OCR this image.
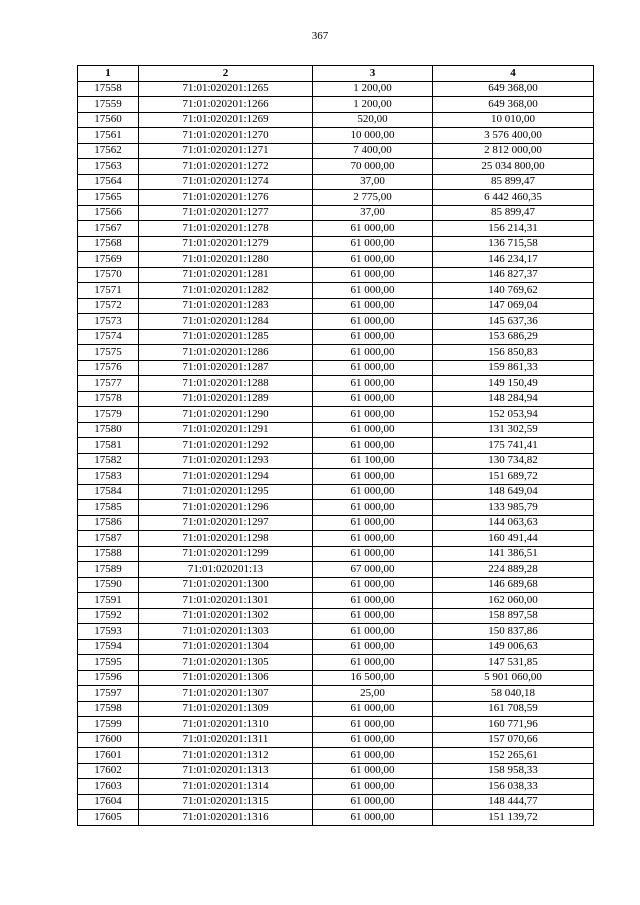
367
1	2	3	4
17558	71:01:020201:1265	1 200,00	649 368,00
17559	71:01:020201:1266	1 200,00	649 368,00
17560	71:01:020201:1269	520,00	10 010,00
17561	71:01:020201:1270	10 000,00	3 576 400,00
17562	71:01:020201:1271	7 400,00	2 812 000,00
17563	71:01:020201:1272	70 000,00	25 034 800,00
17564	71:01:020201:1274	37,00	85 899,47
17565	71:01:020201:1276	2 775,00	6 442 460,35
17566	71:01:020201:1277	37,00	85 899,47
17567	71:01:020201:1278	61 000,00	156 214,31
17568	71:01:020201:1279	61 000,00	136 715,58
17569	71:01:020201:1280	61 000,00	146 234,17
17570	71:01:020201:1281	61 000,00	146 827,37
17571	71:01:020201:1282	61 000,00	140 769,62
17572	71:01:020201:1283	61 000,00	147 069,04
17573	71:01:020201:1284	61 000,00	145 637,36
17574	71:01:020201:1285	61 000,00	153 686,29
17575	71:01:020201:1286	61 000,00	156 850,83
17576	71:01:020201:1287	61 000,00	159 861,33
17577	71:01:020201:1288	61 000,00	149 150,49
17578	71:01:020201:1289	61 000,00	148 284,94
17579	71:01:020201:1290	61 000,00	152 053,94
17580	71:01:020201:1291	61 000,00	131 302,59
17581	71:01:020201:1292	61 000,00	175 741,41
17582	71:01:020201:1293	61 100,00	130 734,82
17583	71:01:020201:1294	61 000,00	151 689,72
17584	71:01:020201:1295	61 000,00	148 649,04
17585	71:01:020201:1296	61 000,00	133 985,79
17586	71:01:020201:1297	61 000,00	144 063,63
17587	71:01:020201:1298	61 000,00	160 491,44
17588	71:01:020201:1299	61 000,00	141 386,51
17589	71:01:020201:13	67 000,00	224 889,28
17590	71:01:020201:1300	61 000,00	146 689,68
17591	71:01:020201:1301	61 000,00	162 060,00
17592	71:01:020201:1302	61 000,00	158 897,58
17593	71:01:020201:1303	61 000,00	150 837,86
17594	71:01:020201:1304	61 000,00	149 006,63
17595	71:01:020201:1305	61 000,00	147 531,85
17596	71:01:020201:1306	16 500,00	5 901 060,00
17597	71:01:020201:1307	25,00	58 040,18
17598	71:01:020201:1309	61 000,00	161 708,59
17599	71:01:020201:1310	61 000,00	160 771,96
17600	71:01:020201:1311	61 000,00	157 070,66
17601	71:01:020201:1312	61 000,00	152 265,61
17602	71:01:020201:1313	61 000,00	158 958,33
17603	71:01:020201:1314	61 000,00	156 038,33
17604	71:01:020201:1315	61 000,00	148 444,77
17605	71:01:020201:1316	61 000,00	151 139,72
